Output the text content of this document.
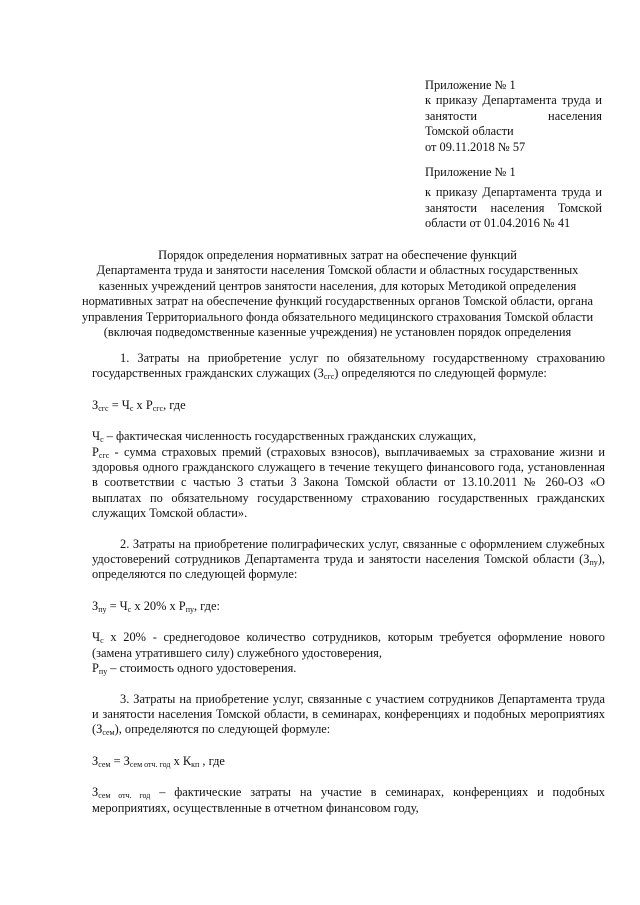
Приложение № 1

к приказу Департамента труда и занятости населения

Томской области

от 09.11.2018 № 57

Приложение № 1

к приказу Департамента труда и занятости населения Томской области от 01.04.2016 № 41

Порядок определения нормативных затрат на обеспечение функций
Департамента труда и занятости населения Томской области и областных государственных
казенных учреждений центров занятости населения, для которых Методикой определения
нормативных затрат на обеспечение функций государственных органов Томской области, органа
управления Территориального фонда обязательного медицинского страхования Томской области
(включая подведомственные казенные учреждения) не установлен порядок определения

1. Затраты на приобретение услуг по обязательному государственному страхованию государственных гражданских служащих $(З_{сгс})$ определяются по следующей формуле:

$З_{сгс} = Ч_с$ x $P_{сгс}$, где

$Ч_с$ – фактическая численность государственных гражданских служащих,

$P_{сгс}$ - сумма страховых премий (страховых взносов), выплачиваемых за страхование жизни и здоровья одного гражданского служащего в течение текущего финансового года, установленная в соответствии с частью 3 статьи 3 Закона Томской области от 13.10.2011 № 260-ОЗ «О выплатах по обязательному государственному страхованию государственных гражданских служащих Томской области».

2. Затраты на приобретение полиграфических услуг, связанные с оформлением служебных удостоверений сотрудников Департамента труда и занятости населения Томской области $(З_{пу})$, определяются по следующей формуле:

$З_{пу} = Ч_с$ x 20% x $Р_{пу}$, где:

$Ч_с$ x 20% - среднегодовое количество сотрудников, которым требуется оформление нового (замена утратившего силу) служебного удостоверения,

$Р_{пу}$ – стоимость одного удостоверения.

3. Затраты на приобретение услуг, связанные с участием сотрудников Департамента труда и занятости населения Томской области, в семинарах, конференциях и подобных мероприятиях $(З_{сем})$, определяются по следующей формуле:

$З_{сем} = З_{сем отч. год}$ x $К_{кп}$ , где

$З_{сем отч. год}$ – фактические затраты на участие в семинарах, конференциях и подобных мероприятиях, осуществленные в отчетном финансовом году,
